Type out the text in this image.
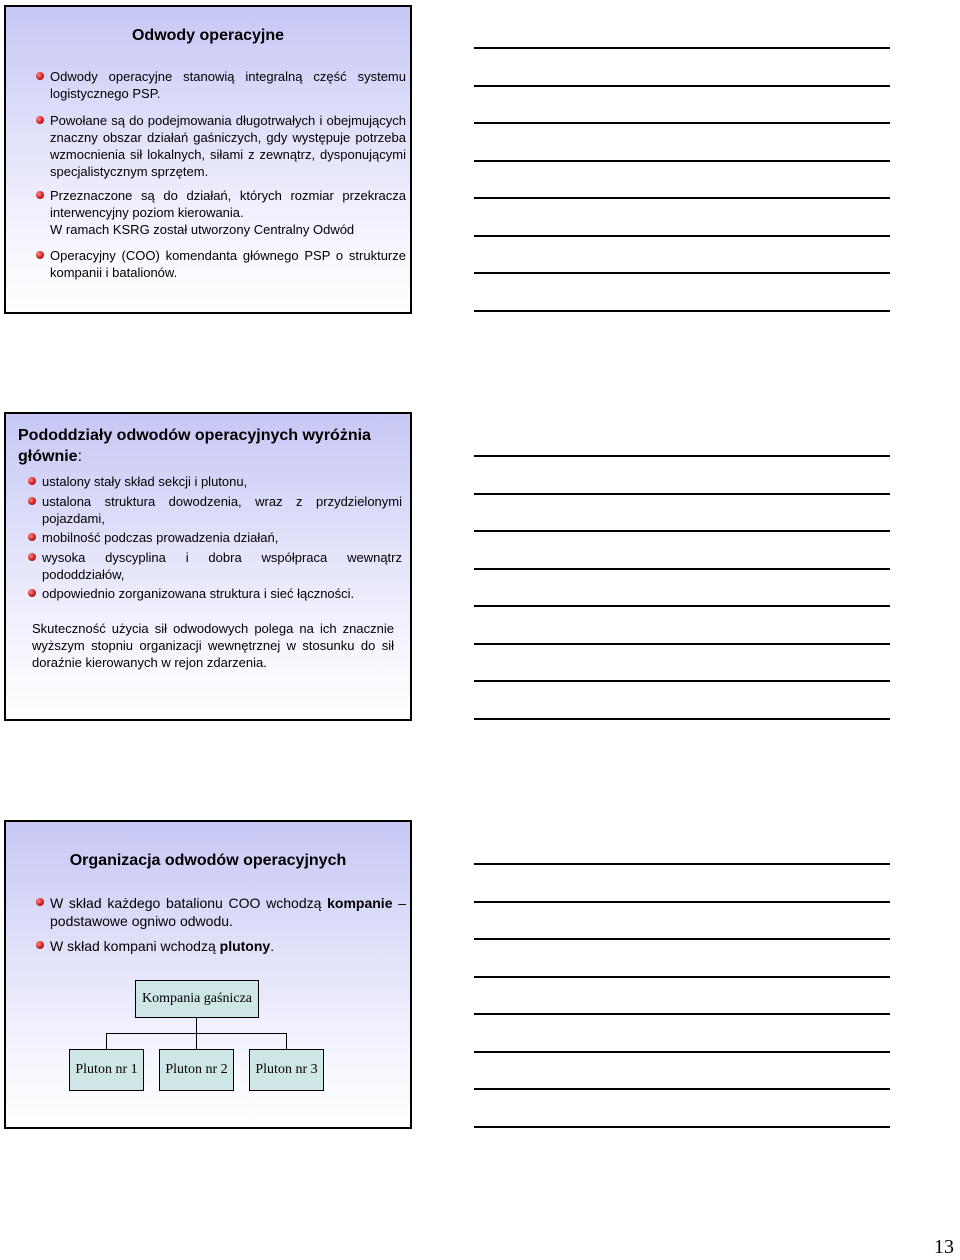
Odwody operacyjne
Odwody operacyjne stanowią integralną część systemu logistycznego PSP.
Powołane są do podejmowania długotrwałych i obejmujących znaczny obszar działań gaśniczych, gdy występuje potrzeba wzmocnienia sił lokalnych, siłami z zewnątrz, dysponującymi specjalistycznym sprzętem.
Przeznaczone są do działań, których rozmiar przekracza interwencyjny poziom kierowania.
W ramach KSRG został utworzony Centralny Odwód
Operacyjny (COO) komendanta głównego PSP o strukturze kompanii i batalionów.
Pododdziały odwodów operacyjnych wyróżnia
głównie:
ustalony stały skład sekcji i plutonu,
ustalona struktura dowodzenia, wraz z przydzielonymi pojazdami,
mobilność podczas prowadzenia działań,
wysoka dyscyplina i dobra współpraca wewnątrz pododdziałów,
odpowiednio zorganizowana struktura i sieć łączności.
Skuteczność użycia sił odwodowych polega na ich znacznie wyższym stopniu organizacji wewnętrznej w stosunku do sił doraźnie kierowanych w rejon zdarzenia.
Organizacja odwodów operacyjnych
W skład każdego batalionu COO wchodzą kompanie – podstawowe ogniwo odwodu.
W skład kompani wchodzą plutony.
Kompania gaśnicza
Pluton nr 1	Pluton nr 2	Pluton nr 3
13
